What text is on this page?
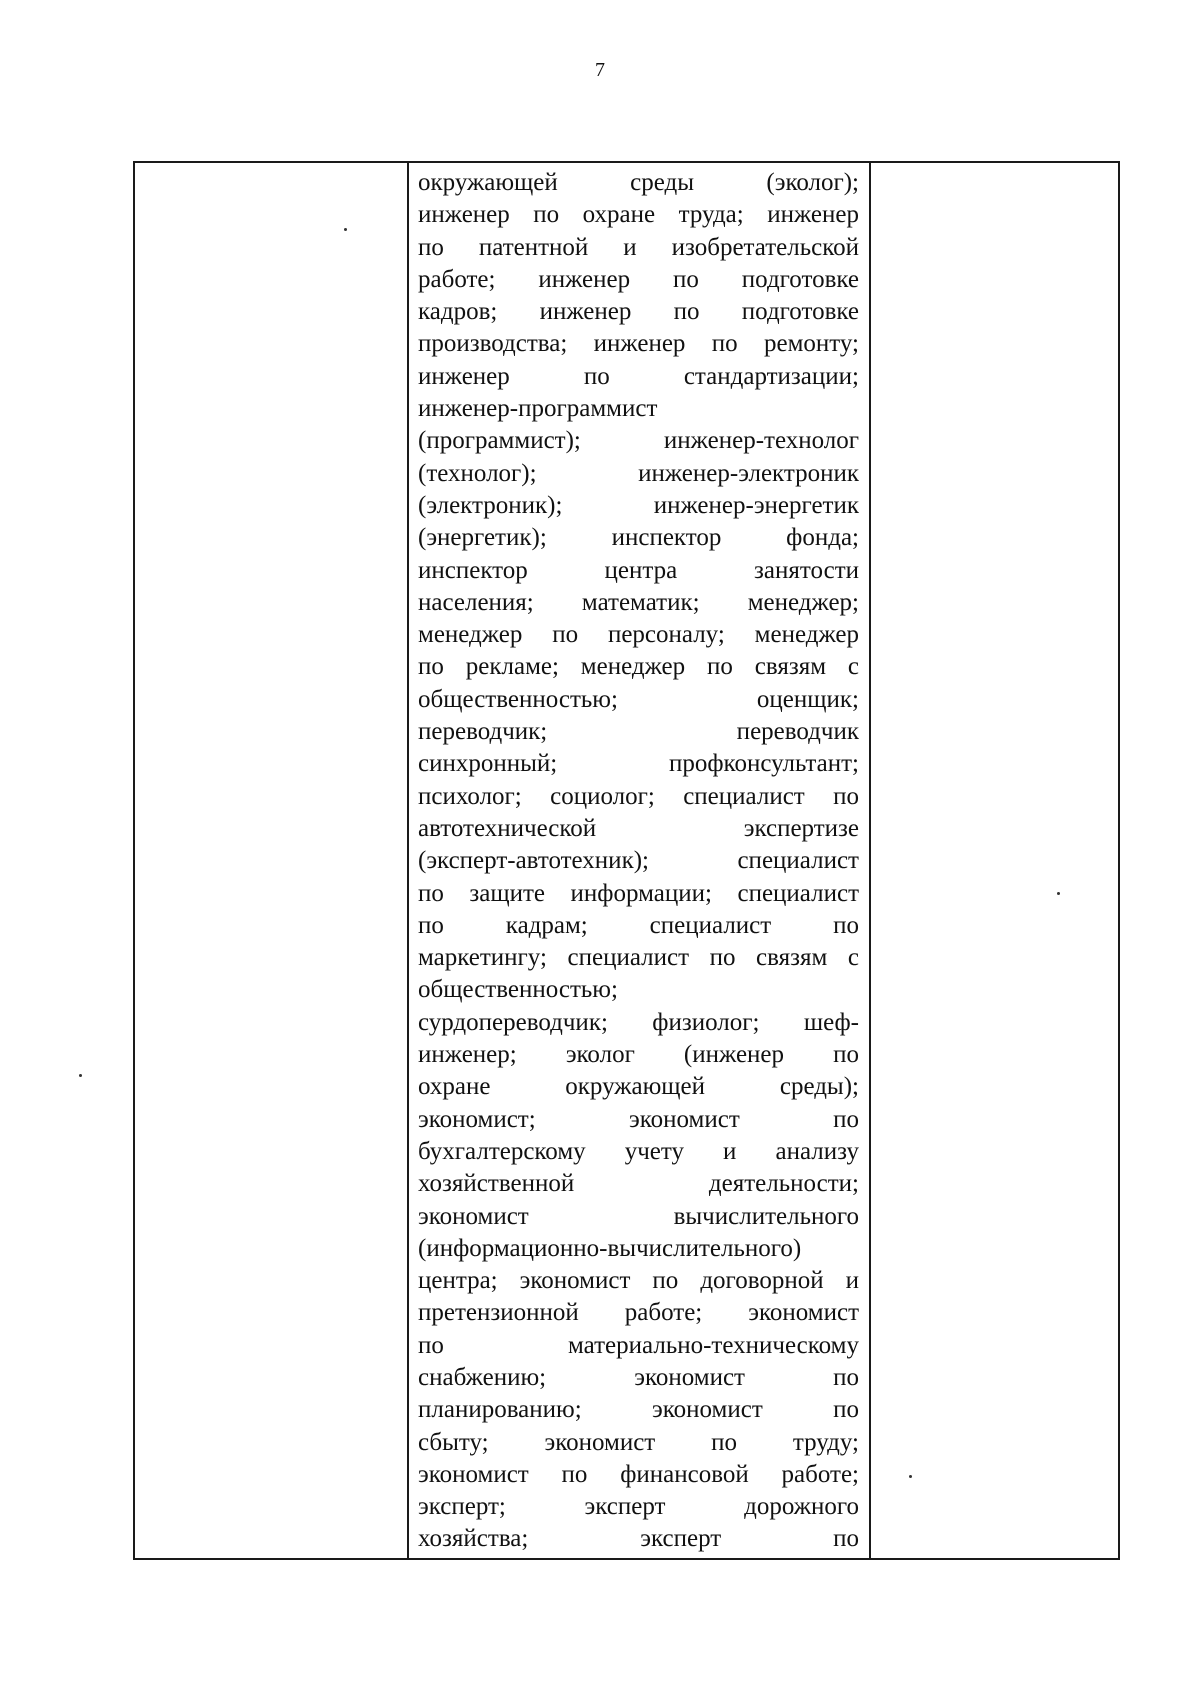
7

окружающей среды (эколог);
инженер по охране труда; инженер
по патентной и изобретательской
работе; инженер по подготовке
кадров; инженер по подготовке
производства; инженер по ремонту;
инженер по стандартизации;
инженер-программист
(программист); инженер-технолог
(технолог); инженер-электроник
(электроник); инженер-энергетик
(энергетик); инспектор фонда;
инспектор центра занятости
населения; математик; менеджер;
менеджер по персоналу; менеджер
по рекламе; менеджер по связям с
общественностью; оценщик;
переводчик; переводчик
синхронный; профконсультант;
психолог; социолог; специалист по
автотехнической экспертизе
(эксперт-автотехник); специалист
по защите информации; специалист
по кадрам; специалист по
маркетингу; специалист по связям с
общественностью;
сурдопереводчик; физиолог; шеф-
инженер; эколог (инженер по
охране окружающей среды);
экономист; экономист по
бухгалтерскому учету и анализу
хозяйственной деятельности;
экономист вычислительного
(информационно-вычислительного)
центра; экономист по договорной и
претензионной работе; экономист
по материально-техническому
снабжению; экономист по
планированию; экономист по
сбыту; экономист по труду;
экономист по финансовой работе;
эксперт; эксперт дорожного
хозяйства; эксперт по
